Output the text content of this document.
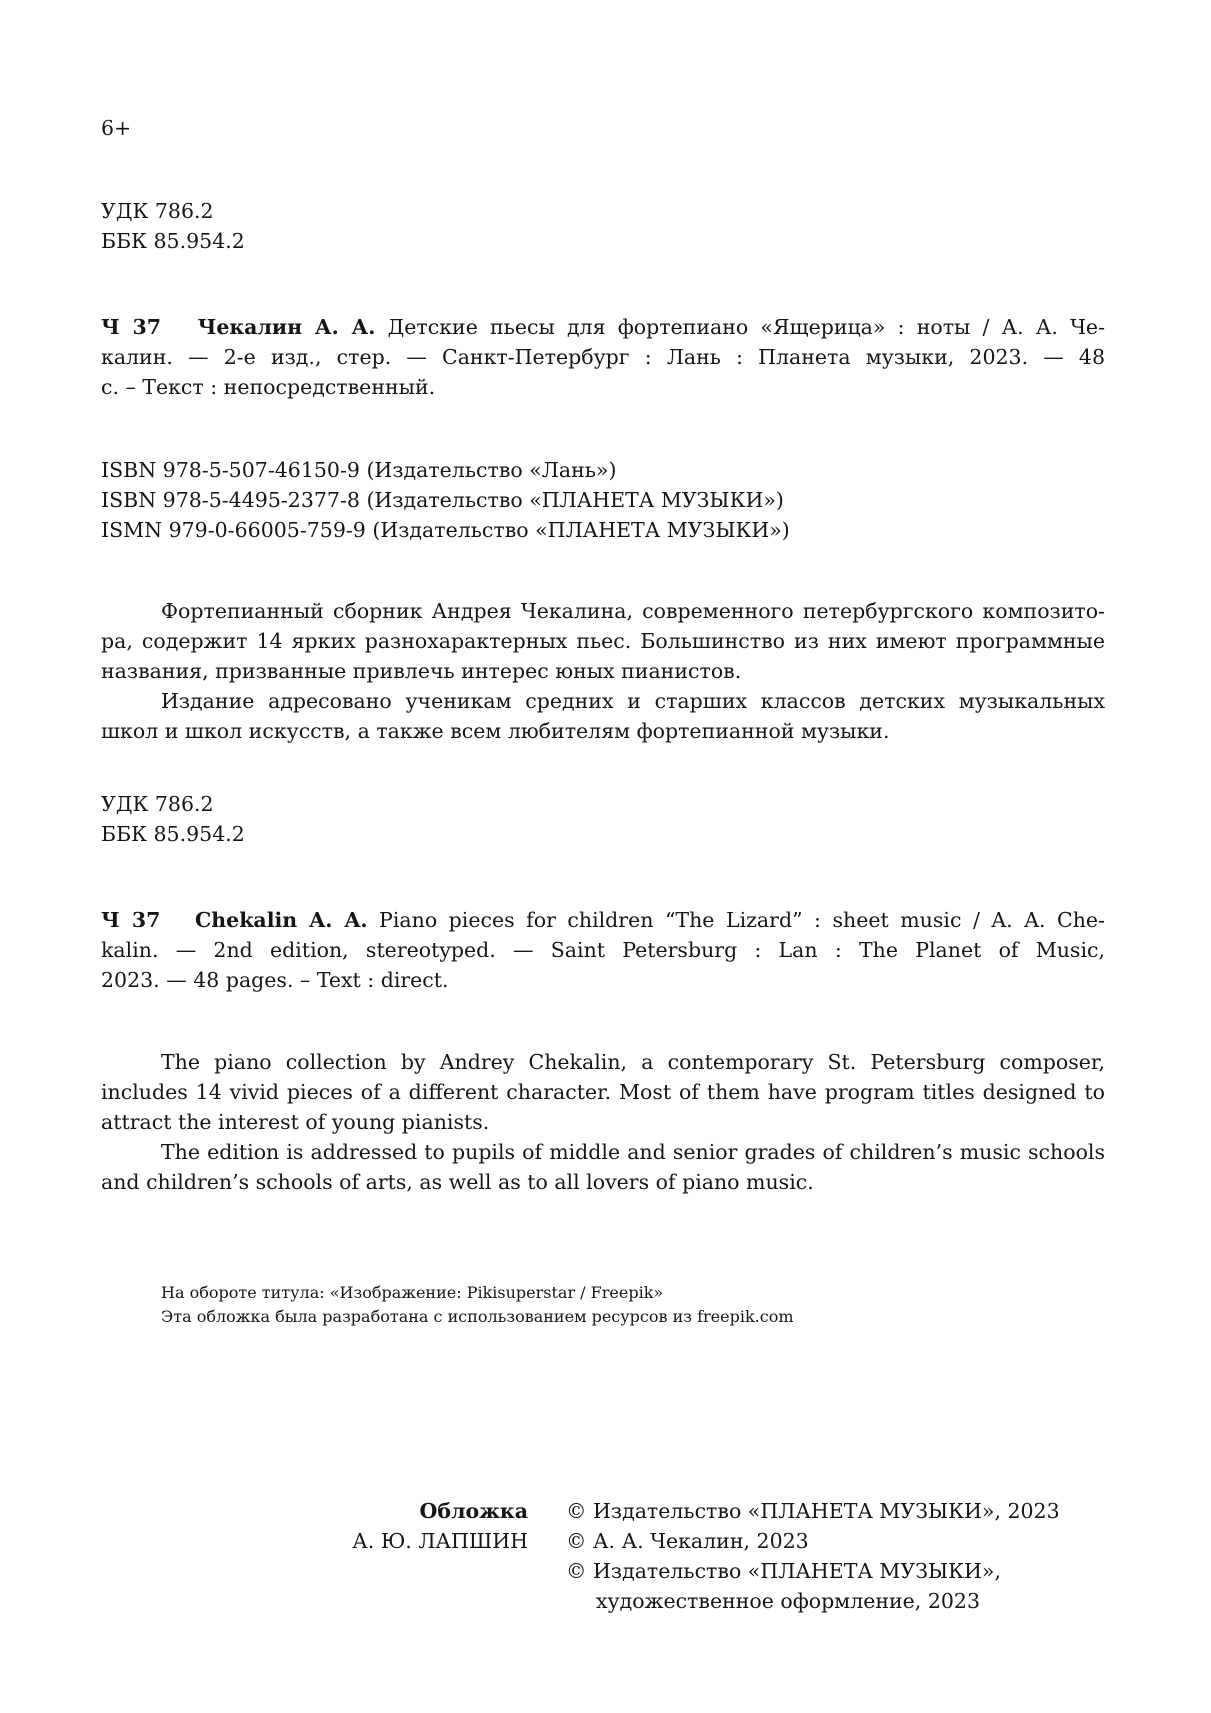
6+
УДК 786.2
ББК 85.954.2
Ч 37 Чекалин А. А. Детские пьесы для фортепиано «Ящерица» : ноты / А. А. Че-
калин. — 2-е изд., стер. — Санкт-Петербург : Лань : Планета музыки, 2023. — 48
с. – Текст : непосредственный.
ISBN 978-5-507-46150-9 (Издательство «Лань»)
ISBN 978-5-4495-2377-8 (Издательство «ПЛАНЕТА МУЗЫКИ»)
ISMN 979-0-66005-759-9 (Издательство «ПЛАНЕТА МУЗЫКИ»)
Фортепианный сборник Андрея Чекалина, современного петербургского композито-
ра, содержит 14 ярких разнохарактерных пьес. Большинство из них имеют программные
названия, призванные привлечь интерес юных пианистов.
Издание адресовано ученикам средних и старших классов детских музыкальных
школ и школ искусств, а также всем любителям фортепианной музыки.
УДК 786.2
ББК 85.954.2
Ч 37 Chekalin A. A. Piano pieces for children “The Lizard” : sheet music / A. A. Che-
kalin. — 2nd edition, stereotyped. — Saint Petersburg : Lan : The Planet of Music,
2023. — 48 pages. – Text : direct.
The piano collection by Andrey Chekalin, a contemporary St. Petersburg composer,
includes 14 vivid pieces of a different character. Most of them have program titles designed to
attract the interest of young pianists.
The edition is addressed to pupils of middle and senior grades of children’s music schools
and children’s schools of arts, as well as to all lovers of piano music.
На обороте титула: «Изображение: Pikisuperstar / Freepik»
Эта обложка была разработана с использованием ресурсов из freepik.com
Обложка
А. Ю. ЛАПШИН
© Издательство «ПЛАНЕТА МУЗЫКИ», 2023
© А. А. Чекалин, 2023
© Издательство «ПЛАНЕТА МУЗЫКИ»,
художественное оформление, 2023
